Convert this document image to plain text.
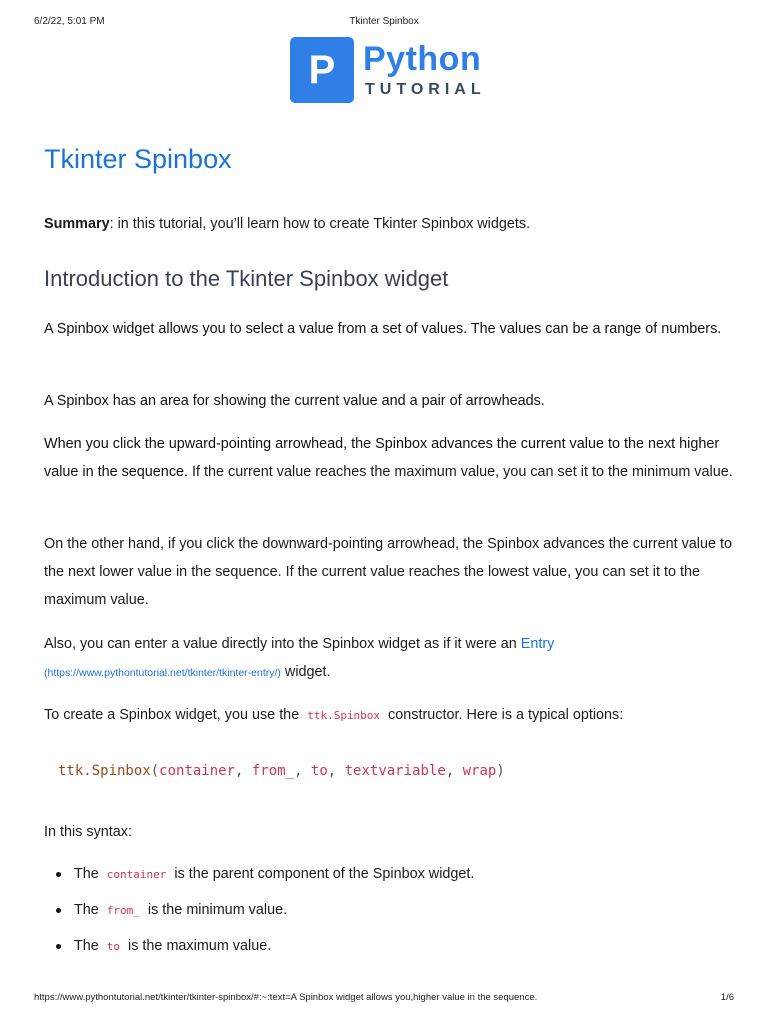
6/2/22, 5:01 PM	Tkinter Spinbox
P Python
TUTORIAL
Tkinter Spinbox

Summary: in this tutorial, you’ll learn how to create Tkinter Spinbox widgets.

Introduction to the Tkinter Spinbox widget

A Spinbox widget allows you to select a value from a set of values. The values can be a range of numbers.

A Spinbox has an area for showing the current value and a pair of arrowheads.

When you click the upward-pointing arrowhead, the Spinbox advances the current value to the next higher value in the sequence. If the current value reaches the maximum value, you can set it to the minimum value.

On the other hand, if you click the downward-pointing arrowhead, the Spinbox advances the current value to the next lower value in the sequence. If the current value reaches the lowest value, you can set it to the maximum value.

Also, you can enter a value directly into the Spinbox widget as if it were an Entry
(https://www.pythontutorial.net/tkinter/tkinter-entry/) widget.

To create a Spinbox widget, you use the ttk.Spinbox constructor. Here is a typical options:

ttk.Spinbox(container, from_, to, textvariable, wrap)

In this syntax:

The container is the parent component of the Spinbox widget.
The from_ is the minimum value.
The to is the maximum value.
https://www.pythontutorial.net/tkinter/tkinter-spinbox/#:~:text=A Spinbox widget allows you,higher value in the sequence.	1/6
